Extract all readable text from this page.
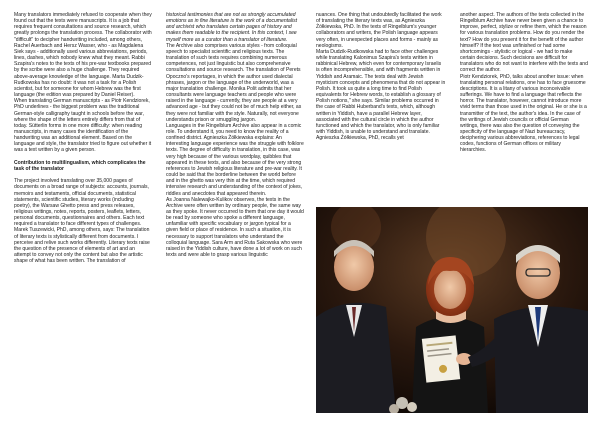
Many translators immediately refused to cooperate when they found out that the texts were manuscripts. It is a job that requires frequent consultations and source research, which greatly prolongs the translation process. The collaborator with "difficult" to decipher handwriting included, among others, Rachel Auerbach and Hersz Wasser, who - as Magdalena Siek says - additionally used various abbreviations, periods, lines, dashes, which nobody knew what they meant. Rabbi Szapira's notes to the texts of his pre-war textbooks prepared by the scribe were also a huge challenge. They required above-average knowledge of the language. Marta Dudzik-Rudkowska has no doubt: it was not a task for a Polish scientist, but for someone for whom Hebrew was the first language (the edition was prepared by Daniel Reiser).

When translating German manuscripts - as Piotr Kendziorek, PhD underlines - the biggest problem was the traditional German-style calligraphy taught in schools before the war, where the shape of the letters entirely differs from that of today. Sütterlin forms in one more difficulty: when reading manuscripts, in many cases the identification of the handwriting was an additional element. Based on the language and style, the translator tried to figure out whether it was a text written by a given person.

Contribution to multilingualism, which complicates the task of the translator

The project involved translating over 35,000 pages of documents on a broad range of subjects: accounts, journals, memoirs and testaments, official documents, statistical statements, scientific studies, literary works (including poetry), the Warsaw Ghetto press and press releases, religious writings, notes, reports, posters, leaflets, letters, personal documents, questionnaires and others. Each text required a translator to face different types of challenges. Marek Tuszewicki, PhD, among others, says: The translation of literary texts is stylistically different from documents. I perceive and relive such works differently. Literary texts raise the question of the presence of elements of art and an attempt to convey not only the content but also the artistic shape of what has been written. The translation of

historical testimonies that are not as strongly accumulated emotions as in fine literature is the work of a documentalist and archivist who translates certain pages of history and makes them readable to the recipient. In this context, I see myself more as a curator than a translator of literature.

The Archive also comprises various styles - from colloquial speech to specialist scientific and religious texts. The translation of such texts requires combining numerous competences, not just linguistic but also comprehensive consultations and source research. The translation of Perets Opoczno's reportages, in which the author used dialectal phrases, jargon or the language of the underworld, was a major translation challenge. Monika Polit admits that her consultants were language teachers and people who were raised in the language - currently, they are people at a very advanced age - but they could not be of much help either, as they were not familiar with the style. Naturally, not everyone understands prison or smuggling jargon.

Languages in the Ringelblum Archive also appear in a comic role. To understand it, you need to know the reality of a confined district. Agnieszka Żółkiewska explains: An interesting language experience was the struggle with folklore texts. The degree of difficulty in translation, in this case, was very high because of the various wordplay, quibbles that appeared in these texts, and also because of the very strong references to Jewish religious literature and pre-war reality. It could be said that the borderline between the world before and in the ghetto was very thin at the time, which required intensive research and understanding of the context of jokes, riddles and anecdotes that appeared therein.

As Joanna Nalewajko-Kulikov observes, the texts in the Archive were often written by ordinary people, the same way as they spoke. It never occurred to them that one day it would be read by someone who spoke a different language, unfamiliar with specific vocabulary or jargon typical for a given field or place of residence. In such a situation, it is necessary to support translators who understand the colloquial language. Sara Arm and Ruta Sakowska who were raised in the Yiddish culture, have done a lot of work on such texts and were able to grasp various linguistic

nuances. One thing that undoubtedly facilitated the work of translating the literary texts was, as Agnieszka Żółkiewska, PhD. In the texts of Ringelblum's younger collaborators and writers, the Polish language appears very often, in unexpected places and forms - mainly as neologisms.

Marta Dudzik-Rudkowska had to face other challenges while translating Kalonimus Szapira's texts written in rabbinical Hebrew, which even for contemporary Israelis is often incomprehensible, and with fragments written in Yiddish and Aramaic. The texts deal with Jewish mysticism concepts and phenomena that do not appear in Polish. It took us quite a long time to find Polish equivalents for Hebrew words, to establish a glossary of Polish notions," she says. Similar problems occurred in the case of Rabbi Huberband's texts, which, although written in Yiddish, have a parallel Hebrew layer, associated with the cultural circle in which the author functioned and which the translator, who is only familiar with Yiddish, is unable to understand and translate. Agnieszka Żółkiewska, PhD, recalls yet

another aspect. The authors of the texts collected in the Ringelblum Archive have never been given a chance to improve, perfect, stylize or refine them, which the reason for various translation problems. How do you render the text? How do you present it for the benefit of the author himself? If the text was unfinished or had some shortcomings - stylistic or logical - we had to make certain decisions. Such decisions are difficult for translators who do not want to interfere with the texts and correct the author.

Piotr Kendziorek, PhD, talks about another issue: when translating personal relations, one has to face gruesome descriptions. It is a litany of various inconceivable sufferings. We have to find a language that reflects the horror. The translator, however, cannot introduce more vivid terms than those used in the original. He or she is a transmitter of the text, the author's idea. In the case of the writings of Jewish councils or official German writings, there was also the question of conveying the specificity of the language of Nazi bureaucracy, deciphering various abbreviations, references to legal codes, functions of German offices or military hierarchies.
